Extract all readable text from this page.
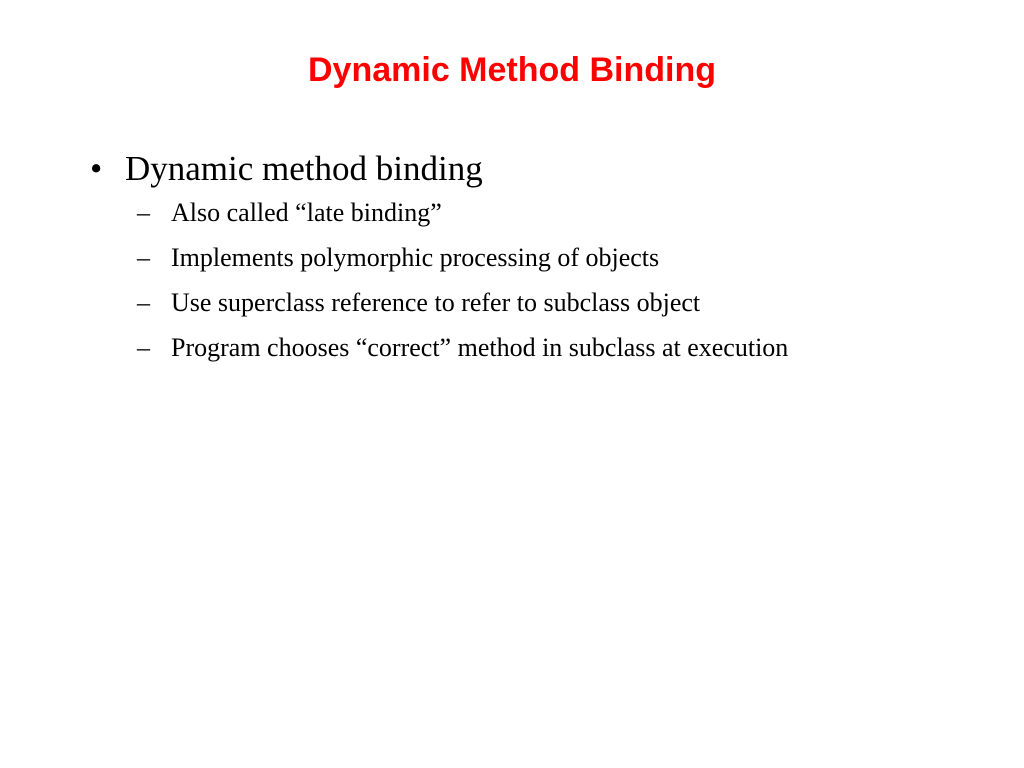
Dynamic Method Binding
• Dynamic method binding
– Also called “late binding”
– Implements polymorphic processing of objects
– Use superclass reference to refer to subclass object
– Program chooses “correct” method in subclass at execution
